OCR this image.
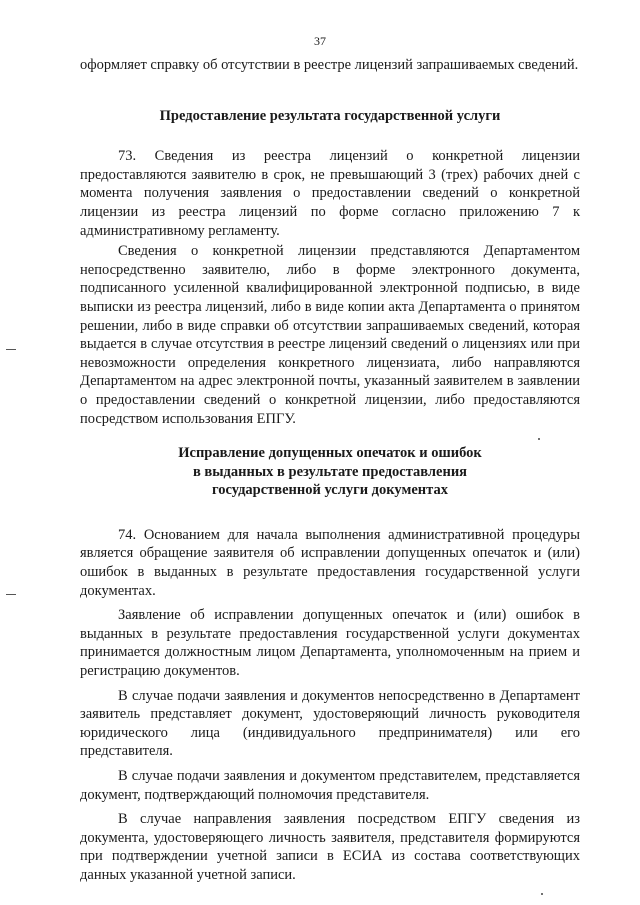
37

оформляет справку об отсутствии в реестре лицензий запрашиваемых сведений.

Предоставление результата государственной услуги

73. Сведения из реестра лицензий о конкретной лицензии предоставляются заявителю в срок, не превышающий 3 (трех) рабочих дней с момента получения заявления о предоставлении сведений о конкретной лицензии из реестра лицензий по форме согласно приложению 7 к административному регламенту.

Сведения о конкретной лицензии представляются Департаментом непосредственно заявителю, либо в форме электронного документа, подписанного усиленной квалифицированной электронной подписью, в виде выписки из реестра лицензий, либо в виде копии акта Департамента о принятом решении, либо в виде справки об отсутствии запрашиваемых сведений, которая выдается в случае отсутствия в реестре лицензий сведений о лицензиях или при невозможности определения конкретного лицензиата, либо направляются Департаментом на адрес электронной почты, указанный заявителем в заявлении о предоставлении сведений о конкретной лицензии, либо предоставляются посредством использования ЕПГУ.

Исправление допущенных опечаток и ошибок
в выданных в результате предоставления
государственной услуги документах

74. Основанием для начала выполнения административной процедуры является обращение заявителя об исправлении допущенных опечаток и (или) ошибок в выданных в результате предоставления государственной услуги документах.

Заявление об исправлении допущенных опечаток и (или) ошибок в выданных в результате предоставления государственной услуги документах принимается должностным лицом Департамента, уполномоченным на прием и регистрацию документов.

В случае подачи заявления и документов непосредственно в Департамент заявитель представляет документ, удостоверяющий личность руководителя юридического лица (индивидуального предпринимателя) или его представителя.

В случае подачи заявления и документом представителем, представляется документ, подтверждающий полномочия представителя.

В случае направления заявления посредством ЕПГУ сведения из документа, удостоверяющего личность заявителя, представителя формируются при подтверждении учетной записи в ЕСИА из состава соответствующих данных указанной учетной записи.
